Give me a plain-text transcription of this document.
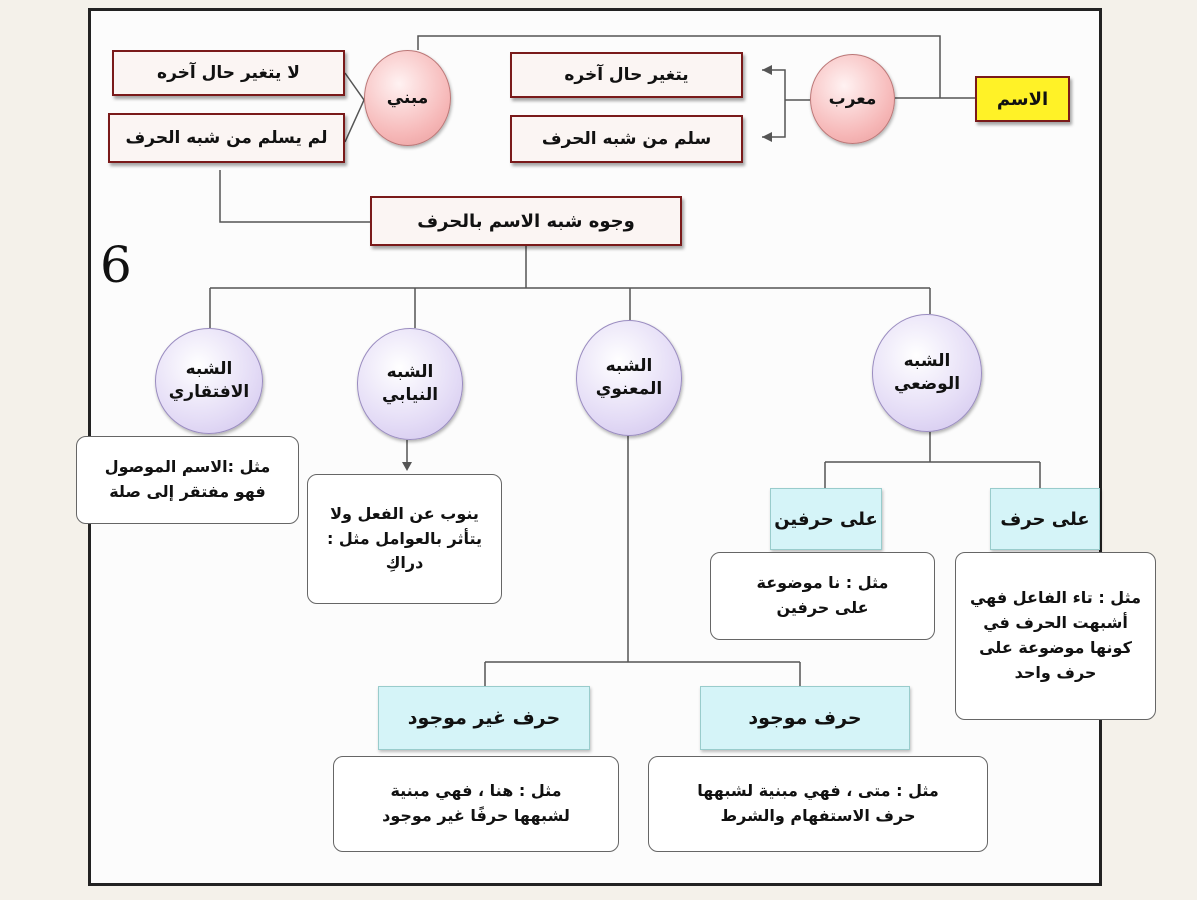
الاسم
معرب
يتغير حال آخره
سلم من شبه الحرف
مبني
لا يتغير حال آخره
لم يسلم من شبه الحرف
وجوه شبه الاسم بالحرف
6
الشبه الوضعي
الشبه المعنوي
الشبه النيابي
الشبه الافتقاري
مثل :الاسم الموصول فهو مفتقر إلى صلة
ينوب عن الفعل ولا يتأثر بالعوامل مثل : دراكِ
على حرف
على حرفين
مثل : تاء الفاعل فهي أشبهت الحرف في كونها موضوعة على حرف واحد
مثل : نا موضوعة على حرفين
حرف موجود
حرف غير موجود
مثل : متى ، فهي مبنية لشبهها حرف الاستفهام والشرط
مثل : هنا ، فهي مبنية لشبهها حرفًا غير موجود
